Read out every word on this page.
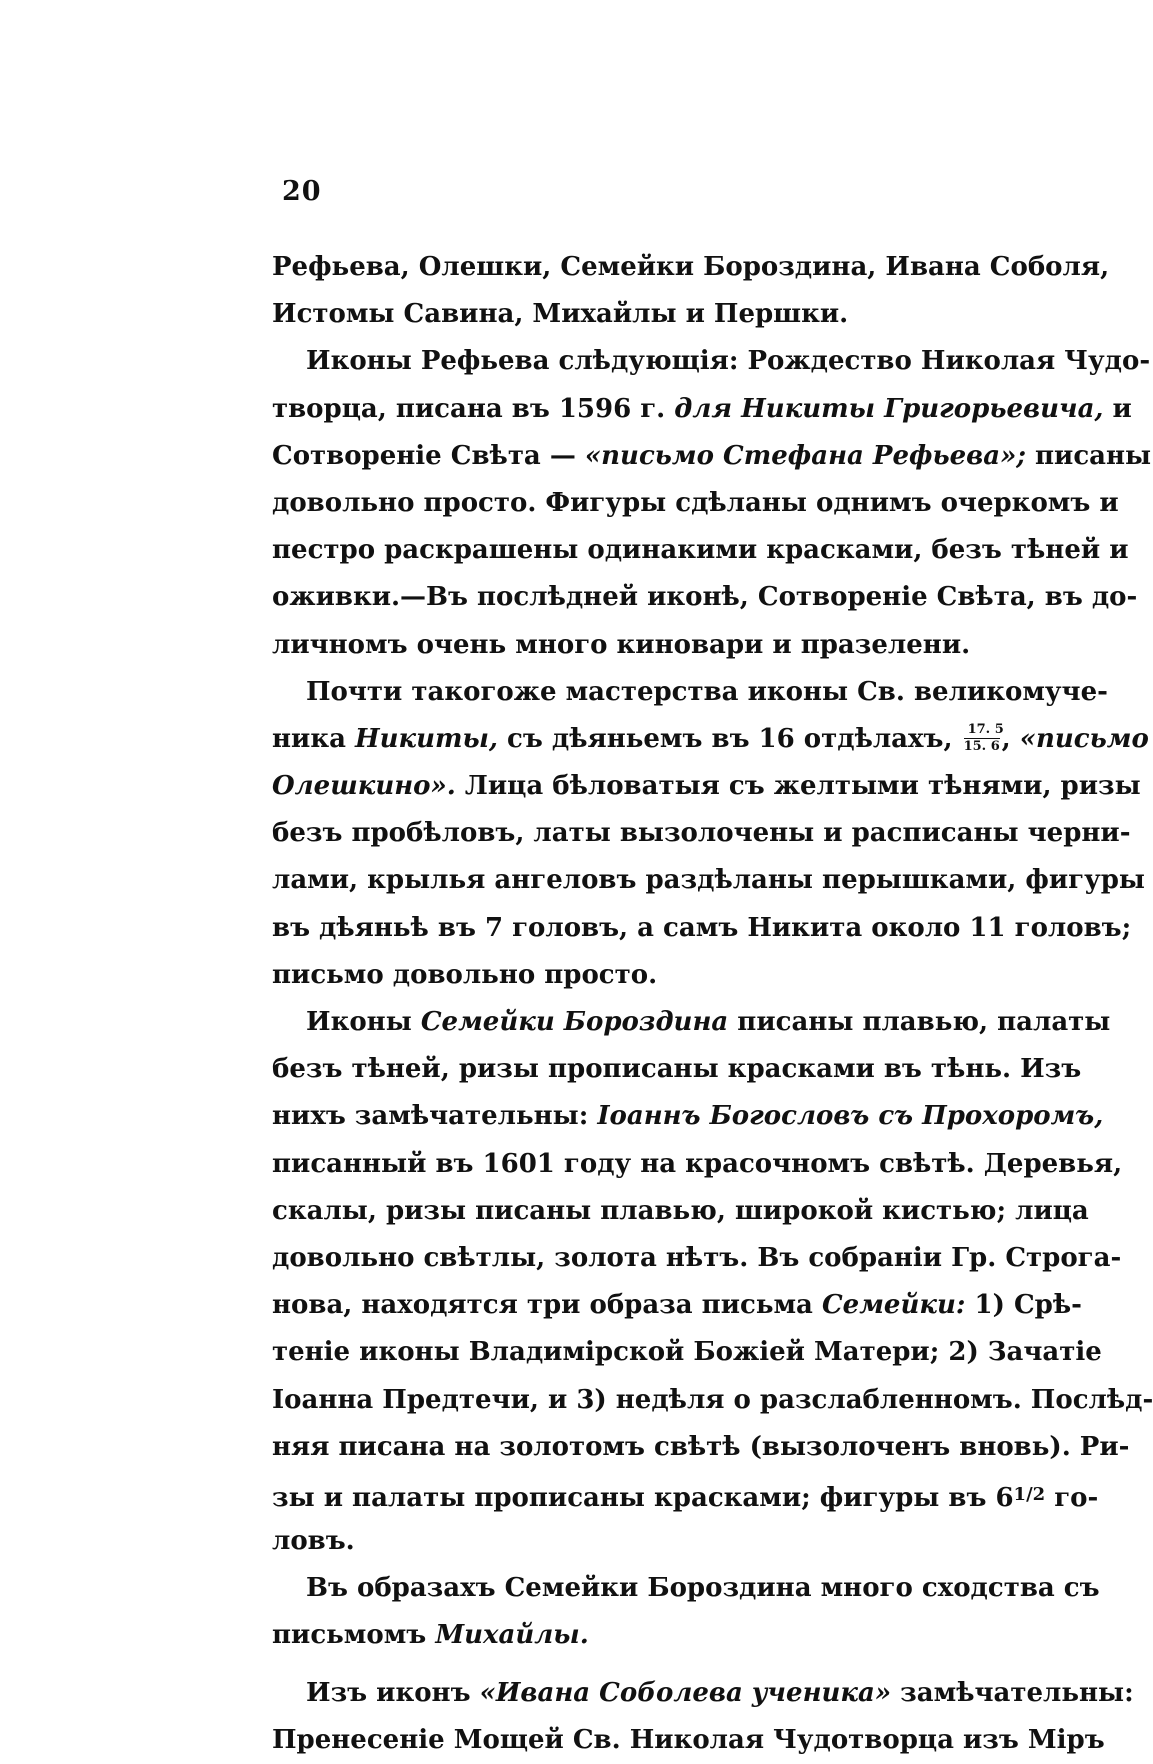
20
Рефьева, Олешки, Семейки Бороздина, Ивана Соболя,
Истомы Савина, Михайлы и Першки.
Иконы Рефьева слѣдующія: Рождество Николая Чудо-
творца, писана въ 1596 г. для Никиты Григорьевича, и
Сотвореніе Свѣта — «письмо Стефана Рефьева»; писаны
довольно просто. Фигуры сдѣланы однимъ очеркомъ и
пестро раскрашены одинакими красками, безъ тѣней и
оживки.—Въ послѣдней иконѣ, Сотвореніе Свѣта, въ до-
личномъ очень много киновари и празелени.
Почти такогоже мастерства иконы Св. великомуче-
ника Никиты, съ дѣяньемъ въ 16 отдѣлахъ, $\frac{17. 5}{15. 6}$ , «письмо
Олешкино». Лица бѣловатыя съ желтыми тѣнями, ризы
безъ пробѣловъ, латы вызолочены и расписаны черни-
лами, крылья ангеловъ раздѣланы перышками, фигуры
въ дѣяньѣ въ 7 головъ, а самъ Никита около 11 головъ;
письмо довольно просто.
Иконы Семейки Бороздина писаны плавью, палаты
безъ тѣней, ризы прописаны красками въ тѣнь. Изъ
нихъ замѣчательны: Іоаннъ Богословъ съ Прохоромъ,
писанный въ 1601 году на красочномъ свѣтѣ. Деревья,
скалы, ризы писаны плавью, широкой кистью; лица
довольно свѣтлы, золота нѣтъ. Въ собраніи Гр. Строга-
нова, находятся три образа письма Семейки: 1) Срѣ-
теніе иконы Владимірской Божіей Матери; 2) Зачатіе
Іоанна Предтечи, и 3) недѣля о разслабленномъ. Послѣд-
няя писана на золотомъ свѣтѣ (вызолоченъ вновь). Ри-
зы и палаты прописаны красками; фигуры въ $6^{1/2}$ го-
ловъ.
Въ образахъ Семейки Бороздина много сходства съ
письмомъ Михайлы.
Изъ иконъ «Ивана Соболева ученика» замѣчательны:
Пренесеніе Мощей Св. Николая Чудотворца изъ Міръ
